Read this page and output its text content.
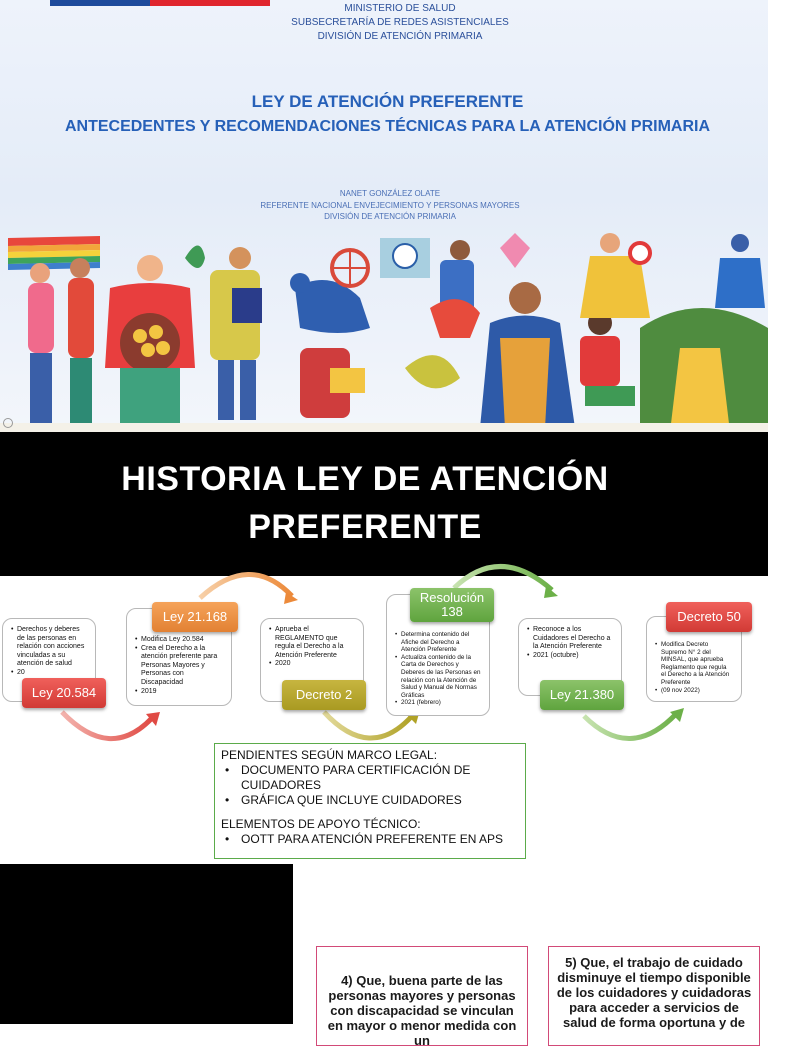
MINISTERIO DE SALUD
SUBSECRETARÍA DE REDES ASISTENCIALES
DIVISIÓN DE ATENCIÓN PRIMARIA
LEY DE ATENCIÓN PREFERENTE
ANTECEDENTES Y RECOMENDACIONES TÉCNICAS PARA LA ATENCIÓN PRIMARIA
NANET GONZÁLEZ OLATE
REFERENTE NACIONAL ENVEJECIMIENTO Y PERSONAS MAYORES
DIVISIÓN DE ATENCIÓN PRIMARIA
HISTORIA LEY DE ATENCIÓN
PREFERENTE
• Derechos y deberes de las personas en relación con acciones vinculadas a su atención de salud
• 20
Ley 20.584
• Modifica Ley 20.584
• Crea el Derecho a la atención preferente para Personas Mayores y Personas con Discapacidad
• 2019
Ley 21.168
• Aprueba el REGLAMENTO que regula el Derecho a la Atención Preferente
• 2020
Decreto 2
• Determina contenido del Afiche del Derecho a Atención Preferente
• Actualiza contenido de la Carta de Derechos y Deberes de las Personas en relación con la Atención de Salud y Manual de Normas Gráficas
• 2021 (febrero)
Resolución 138
• Reconoce a los Cuidadores el Derecho a la Atención Preferente
• 2021 (octubre)
Ley 21.380
• Modifica Decreto Supremo N° 2 del MINSAL, que aprueba Reglamento que regula el Derecho a la Atención Preferente
• (09 nov 2022)
Decreto 50
PENDIENTES SEGÚN MARCO LEGAL:
• DOCUMENTO PARA CERTIFICACIÓN DE CUIDADORES
• GRÁFICA QUE INCLUYE CUIDADORES
ELEMENTOS DE APOYO TÉCNICO:
• OOTT PARA ATENCIÓN PREFERENTE EN APS
4) Que, buena parte de las personas mayores y personas con discapacidad se vinculan en mayor o menor medida con un
5) Que, el trabajo de cuidado disminuye el tiempo disponible de los cuidadores y cuidadoras para acceder a servicios de salud de forma oportuna y de
